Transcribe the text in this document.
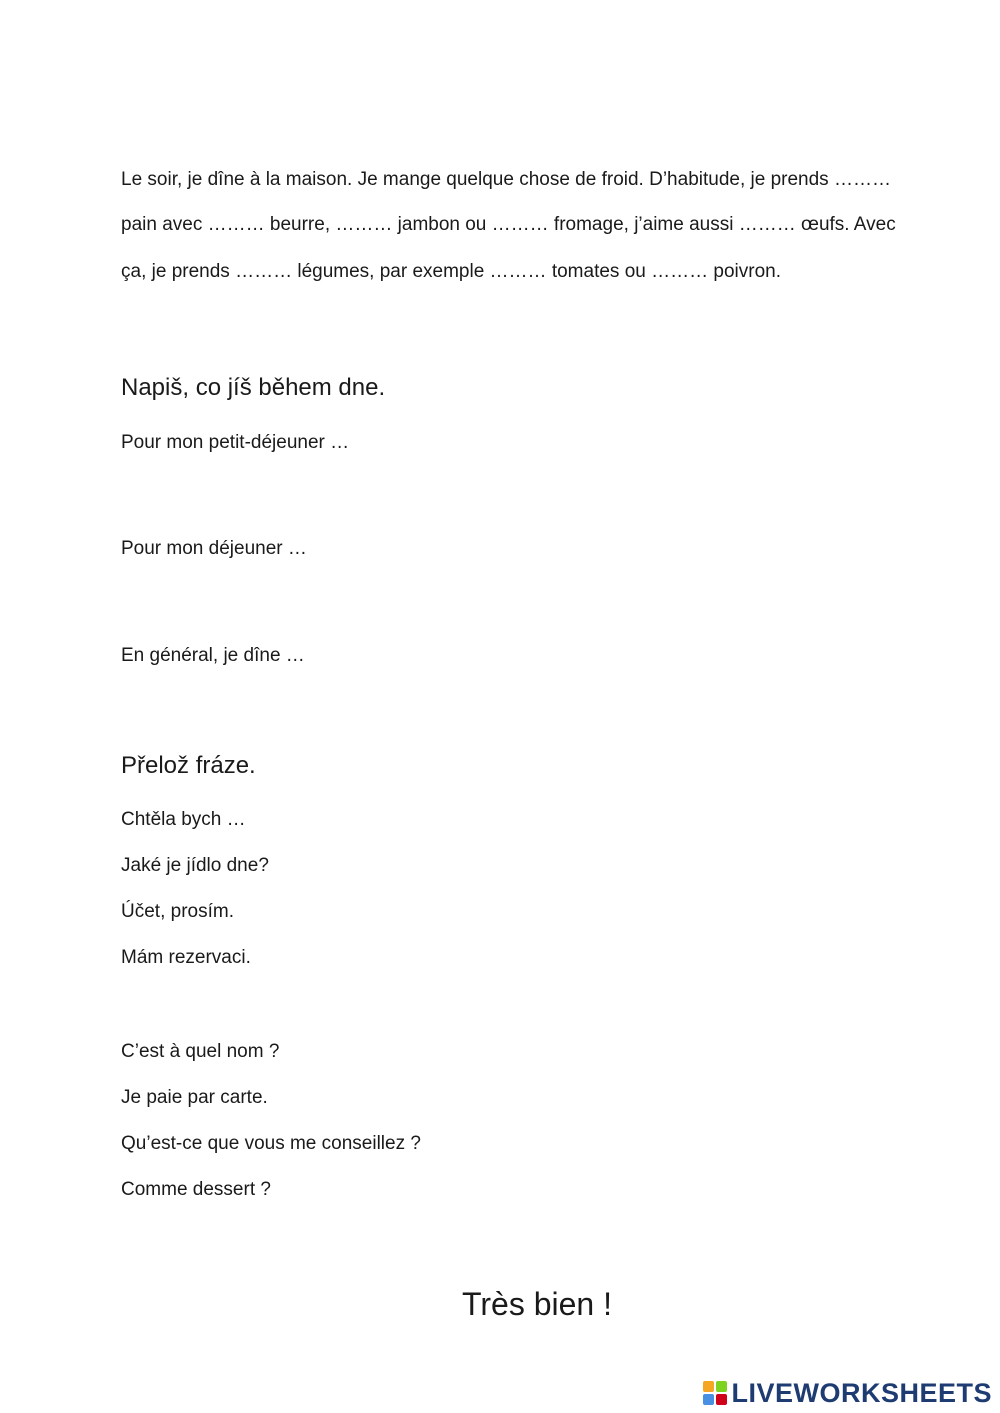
Le soir, je dîne à la maison. Je mange quelque chose de froid. D’habitude, je prends ………
pain avec ……… beurre, ……… jambon ou ……… fromage, j’aime aussi ……… œufs. Avec
ça, je prends ……… légumes, par exemple ……… tomates ou ……… poivron.
Napiš, co jíš během dne.
Pour mon petit-déjeuner …
Pour mon déjeuner …
En général, je dîne …
Přelož fráze.
Chtěla bych …
Jaké je jídlo dne?
Účet, prosím.
Mám rezervaci.
C’est à quel nom ?
Je paie par carte.
Qu’est-ce que vous me conseillez ?
Comme dessert ?
Très bien !
LIVEWORKSHEETS
